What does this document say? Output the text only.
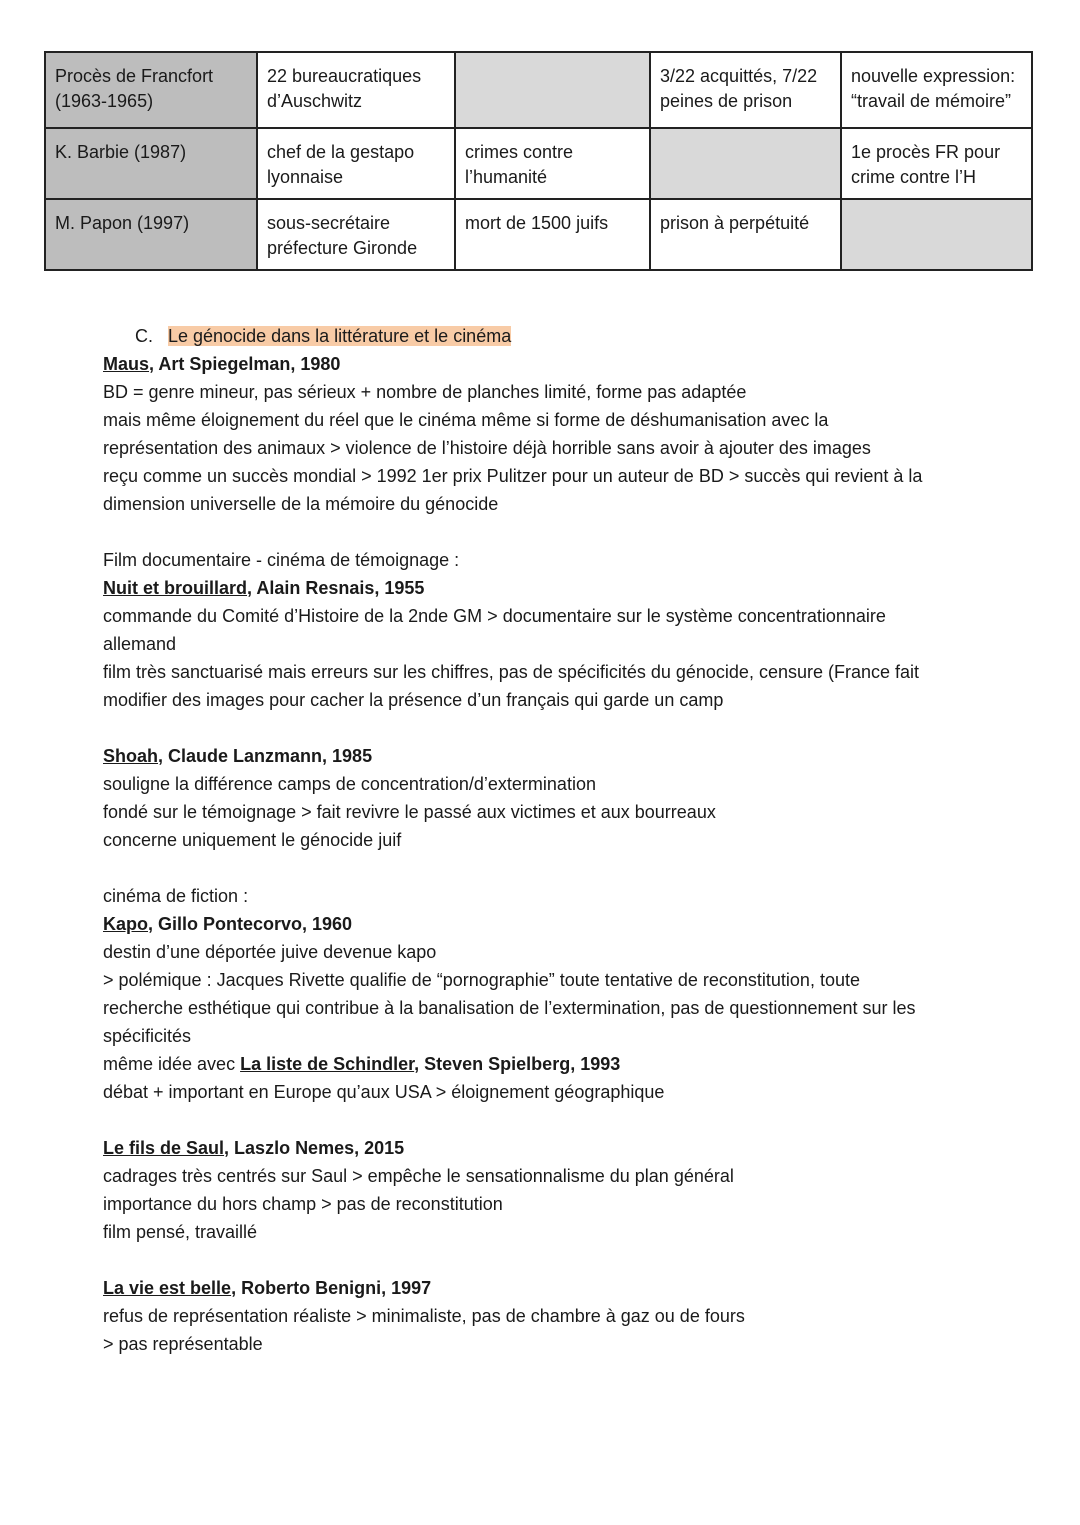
Procès de Francfort (1963-1965)	22 bureaucratiques d’Auschwitz		3/22 acquittés, 7/22 peines de prison	nouvelle expression: “travail de mémoire”
K. Barbie (1987)	chef de la gestapo lyonnaise	crimes contre l’humanité		1e procès FR pour crime contre l’H
M. Papon (1997)	sous-secrétaire préfecture Gironde	mort de 1500 juifs	prison à perpétuité	
C. Le génocide dans la littérature et le cinéma
Maus, Art Spiegelman, 1980
BD = genre mineur, pas sérieux + nombre de planches limité, forme pas adaptée
mais même éloignement du réel que le cinéma même si forme de déshumanisation avec la
représentation des animaux > violence de l’histoire déjà horrible sans avoir à ajouter des images
reçu comme un succès mondial > 1992 1er prix Pulitzer pour un auteur de BD > succès qui revient à la
dimension universelle de la mémoire du génocide
Film documentaire - cinéma de témoignage :
Nuit et brouillard, Alain Resnais, 1955
commande du Comité d’Histoire de la 2nde GM > documentaire sur le système concentrationnaire
allemand
film très sanctuarisé mais erreurs sur les chiffres, pas de spécificités du génocide, censure (France fait
modifier des images pour cacher la présence d’un français qui garde un camp
Shoah, Claude Lanzmann, 1985
souligne la différence camps de concentration/d’extermination
fondé sur le témoignage > fait revivre le passé aux victimes et aux bourreaux
concerne uniquement le génocide juif
cinéma de fiction :
Kapo, Gillo Pontecorvo, 1960
destin d’une déportée juive devenue kapo
> polémique : Jacques Rivette qualifie de “pornographie” toute tentative de reconstitution, toute
recherche esthétique qui contribue à la banalisation de l’extermination, pas de questionnement sur les
spécificités
même idée avec La liste de Schindler, Steven Spielberg, 1993
débat + important en Europe qu’aux USA > éloignement géographique
Le fils de Saul, Laszlo Nemes, 2015
cadrages très centrés sur Saul > empêche le sensationnalisme du plan général
importance du hors champ > pas de reconstitution
film pensé, travaillé
La vie est belle, Roberto Benigni, 1997
refus de représentation réaliste > minimaliste, pas de chambre à gaz ou de fours
> pas représentable
